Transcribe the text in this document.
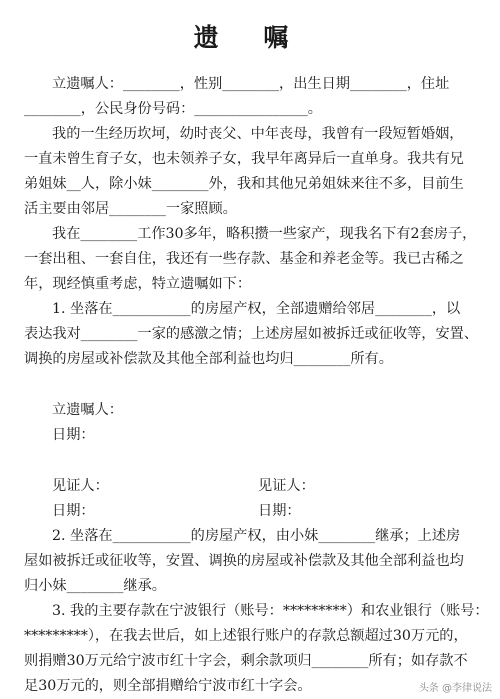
遗 嘱

立遗嘱人：________，性别________，出生日期________，住址

________，公民身份号码：________________。

我的一生经历坎坷，幼时丧父、中年丧母，我曾有一段短暂婚姻，

一直未曾生育子女，也未领养子女，我早年离异后一直单身。我共有兄

弟姐妹__人，除小妹________外，我和其他兄弟姐妹来往不多，目前生

活主要由邻居________一家照顾。

我在________工作30多年，略积攒一些家产，现我名下有2套房子，

一套出租、一套自住，我还有一些存款、基金和养老金等。我已古稀之

年，现经慎重考虑，特立遗嘱如下：

1. 坐落在___________的房屋产权，全部遗赠给邻居________，以

表达我对________一家的感激之情；上述房屋如被拆迁或征收等，安置、

调换的房屋或补偿款及其他全部利益也均归________所有。

立遗嘱人：

日期：

见证人：	见证人：
日期：	日期：

2. 坐落在___________的房屋产权，由小妹________继承；上述房

屋如被拆迁或征收等，安置、调换的房屋或补偿款及其他全部利益也均

归小妹________继承。

3. 我的主要存款在宁波银行（账号：*********）和农业银行（账号：

*********），在我去世后，如上述银行账户的存款总额超过30万元的，

则捐赠30万元给宁波市红十字会，剩余款项归________所有；如存款不

足30万元的，则全部捐赠给宁波市红十字会。	头条 @李律说法
